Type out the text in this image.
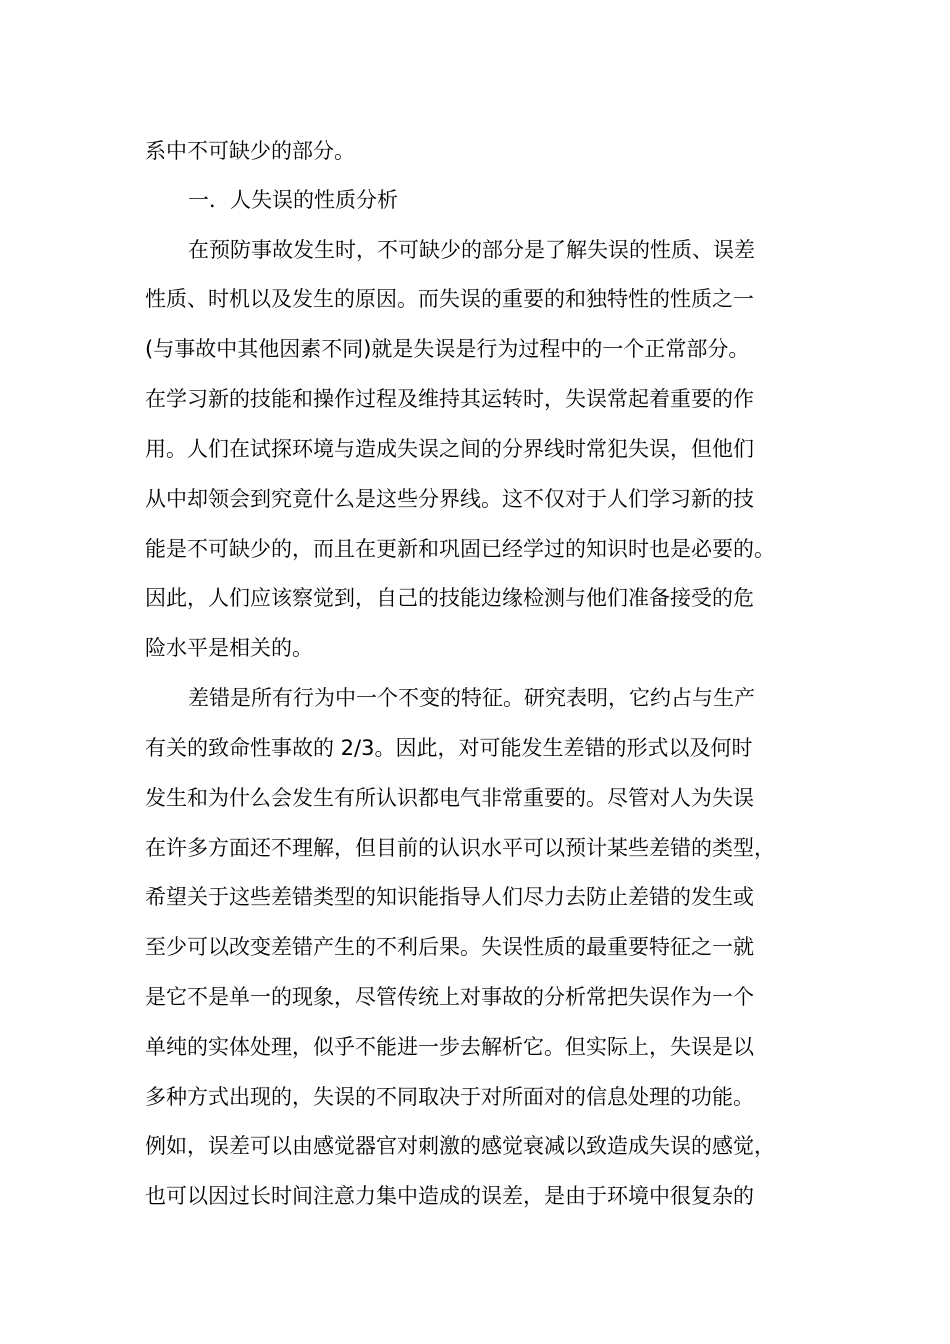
系中不可缺少的部分。
一．人失误的性质分析
在预防事故发生时，不可缺少的部分是了解失误的性质、误差
性质、时机以及发生的原因。而失误的重要的和独特性的性质之一
(与事故中其他因素不同)就是失误是行为过程中的一个正常部分。
在学习新的技能和操作过程及维持其运转时，失误常起着重要的作
用。人们在试探环境与造成失误之间的分界线时常犯失误，但他们
从中却领会到究竟什么是这些分界线。这不仅对于人们学习新的技
能是不可缺少的，而且在更新和巩固已经学过的知识时也是必要的。
因此，人们应该察觉到，自己的技能边缘检测与他们准备接受的危
险水平是相关的。
差错是所有行为中一个不变的特征。研究表明，它约占与生产
有关的致命性事故的 2/3。因此，对可能发生差错的形式以及何时
发生和为什么会发生有所认识都电气非常重要的。尽管对人为失误
在许多方面还不理解，但目前的认识水平可以预计某些差错的类型，
希望关于这些差错类型的知识能指导人们尽力去防止差错的发生或
至少可以改变差错产生的不利后果。失误性质的最重要特征之一就
是它不是单一的现象，尽管传统上对事故的分析常把失误作为一个
单纯的实体处理，似乎不能进一步去解析它。但实际上，失误是以
多种方式出现的，失误的不同取决于对所面对的信息处理的功能。
例如，误差可以由感觉器官对刺激的感觉衰减以致造成失误的感觉，
也可以因过长时间注意力集中造成的误差，是由于环境中很复杂的
